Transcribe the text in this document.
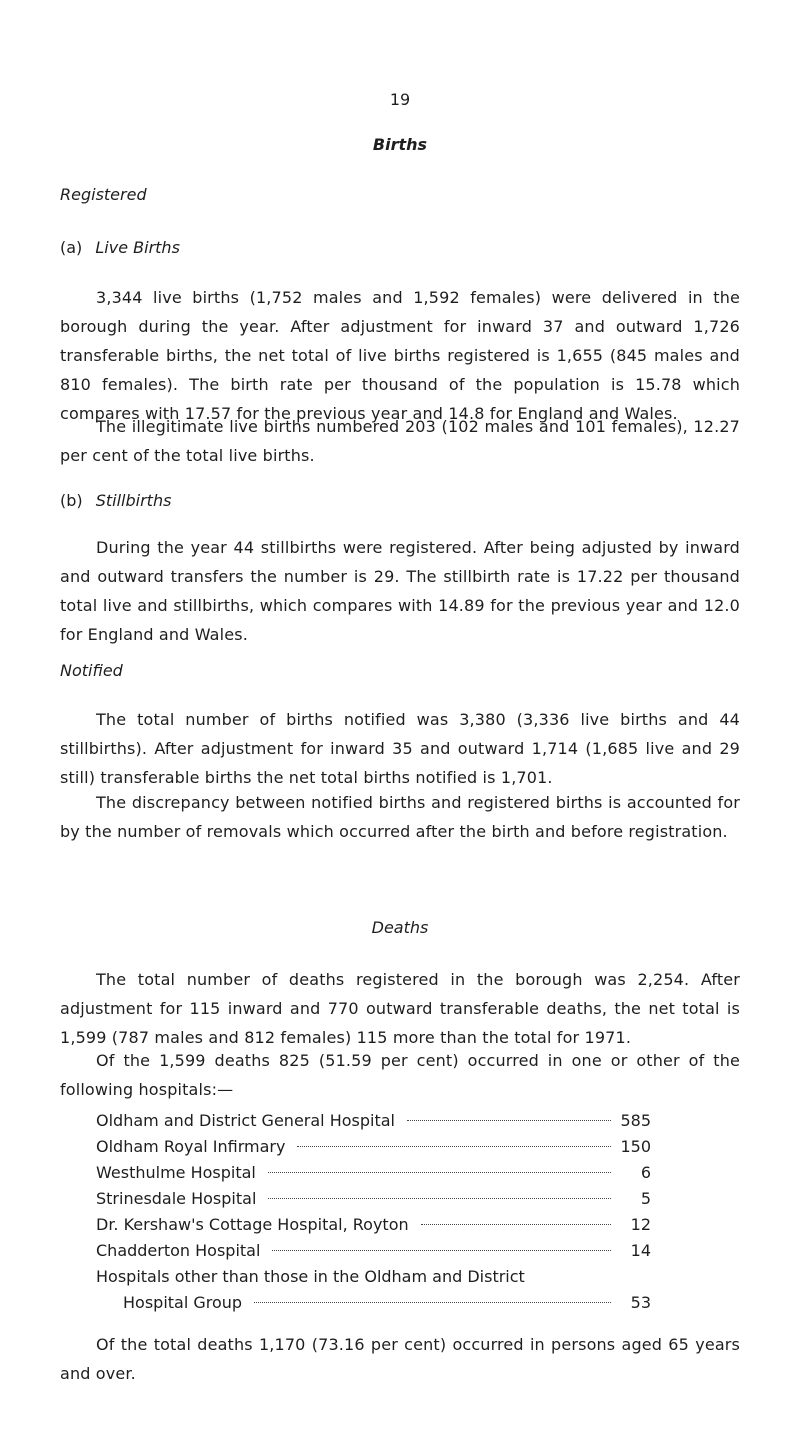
19
Births
Registered
(a) Live Births

3,344 live births (1,752 males and 1,592 females) were delivered in the borough during the year. After adjustment for inward 37 and outward 1,726 transferable births, the net total of live births registered is 1,655 (845 males and 810 females). The birth rate per thousand of the population is 15.78 which compares with 17.57 for the previous year and 14.8 for England and Wales.

The illegitimate live births numbered 203 (102 males and 101 females), 12.27 per cent of the total live births.

(b) Stillbirths

During the year 44 stillbirths were registered. After being adjusted by inward and outward transfers the number is 29. The stillbirth rate is 17.22 per thousand total live and stillbirths, which compares with 14.89 for the previous year and 12.0 for England and Wales.

Notified

The total number of births notified was 3,380 (3,336 live births and 44 stillbirths). After adjustment for inward 35 and outward 1,714 (1,685 live and 29 still) transferable births the net total births notified is 1,701.

The discrepancy between notified births and registered births is accounted for by the number of removals which occurred after the birth and before registration.

Deaths

The total number of deaths registered in the borough was 2,254. After adjustment for 115 inward and 770 outward transferable deaths, the net total is 1,599 (787 males and 812 females) 115 more than the total for 1971.

Of the 1,599 deaths 825 (51.59 per cent) occurred in one or other of the following hospitals:—

Oldham and District General Hospital	585
Oldham Royal Infirmary	150
Westhulme Hospital	6
Strinesdale Hospital	5
Dr. Kershaw's Cottage Hospital, Royton	12
Chadderton Hospital	14
Hospitals other than those in the Oldham and District
Hospital Group	53

Of the total deaths 1,170 (73.16 per cent) occurred in persons aged 65 years and over.
